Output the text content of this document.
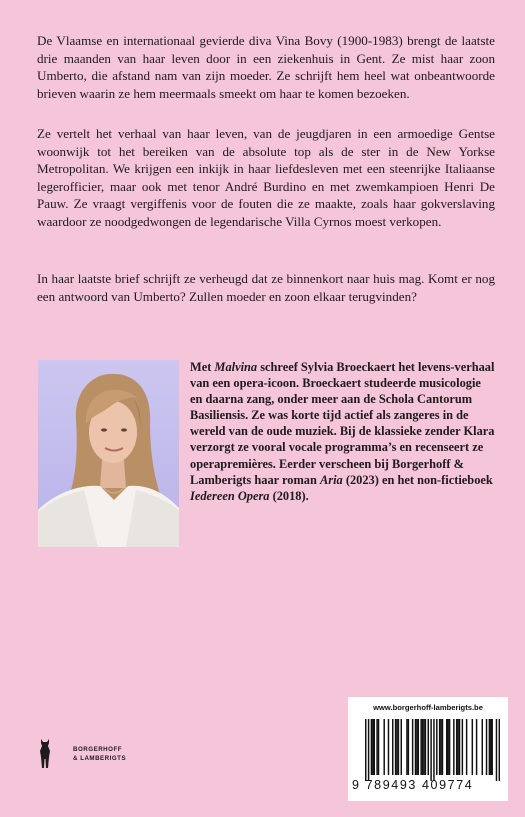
De Vlaamse en internationaal gevierde diva Vina Bovy (1900-1983) brengt de laatste drie maanden van haar leven door in een ziekenhuis in Gent. Ze mist haar zoon Umberto, die afstand nam van zijn moeder. Ze schrijft hem heel wat onbeantwoorde brieven waarin ze hem meermaals smeekt om haar te komen bezoeken.

Ze vertelt het verhaal van haar leven, van de jeugdjaren in een armoedige Gentse woonwijk tot het bereiken van de absolute top als de ster in de New Yorkse Metropolitan. We krijgen een inkijk in haar liefdesleven met een steenrijke Italiaanse legerofficier, maar ook met tenor André Burdino en met zwemkampioen Henri De Pauw. Ze vraagt vergiffenis voor de fouten die ze maakte, zoals haar gokverslaving waardoor ze noodgedwongen de legendarische Villa Cyrnos moest verkopen.

In haar laatste brief schrijft ze verheugd dat ze binnenkort naar huis mag. Komt er nog een antwoord van Umberto? Zullen moeder en zoon elkaar terugvinden?

Met Malvina schreef Sylvia Broeckaert het levens-verhaal van een opera-icoon. Broeckaert studeerde musicologie en daarna zang, onder meer aan de Schola Cantorum Basiliensis. Ze was korte tijd actief als zangeres in de wereld van de oude muziek. Bij de klassieke zender Klara verzorgt ze vooral vocale programma’s en recenseert ze operapremières. Eerder verscheen bij Borgerhoff & Lamberigts haar roman Aria (2023) en het non-fictieboek Iedereen Opera (2018).

BORGERHOFF
& LAMBERIGTS
www.borgerhoff-lamberigts.be
9 789493 409774
